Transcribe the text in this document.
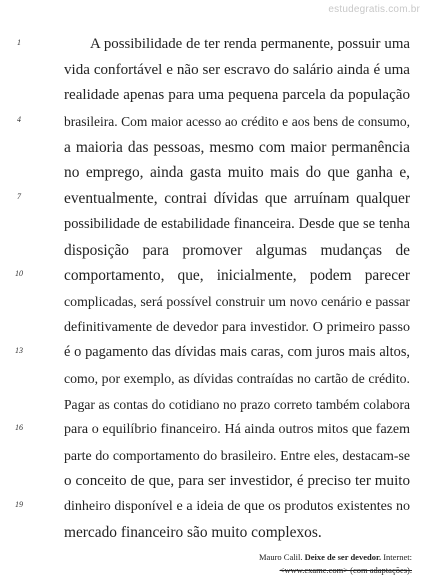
estudegratis.com.br
1
4
7
10
13
16
19
A possibilidade de ter renda permanente, possuir uma
vida confortável e não ser escravo do salário ainda é uma
realidade apenas para uma pequena parcela da população
brasileira. Com maior acesso ao crédito e aos bens de consumo,
a maioria das pessoas, mesmo com maior permanência
no emprego, ainda gasta muito mais do que ganha e,
eventualmente, contrai dívidas que arruínam qualquer
possibilidade de estabilidade financeira. Desde que se tenha
disposição para promover algumas mudanças de
comportamento, que, inicialmente, podem parecer
complicadas, será possível construir um novo cenário e passar
definitivamente de devedor para investidor. O primeiro passo
é o pagamento das dívidas mais caras, com juros mais altos,
como, por exemplo, as dívidas contraídas no cartão de crédito.
Pagar as contas do cotidiano no prazo correto também colabora
para o equilíbrio financeiro. Há ainda outros mitos que fazem
parte do comportamento do brasileiro. Entre eles, destacam-se
o conceito de que, para ser investidor, é preciso ter muito
dinheiro disponível e a ideia de que os produtos existentes no
mercado financeiro são muito complexos.
Mauro Calil. Deixe de ser devedor. Internet:
<www.exame.com> (com adaptações).
